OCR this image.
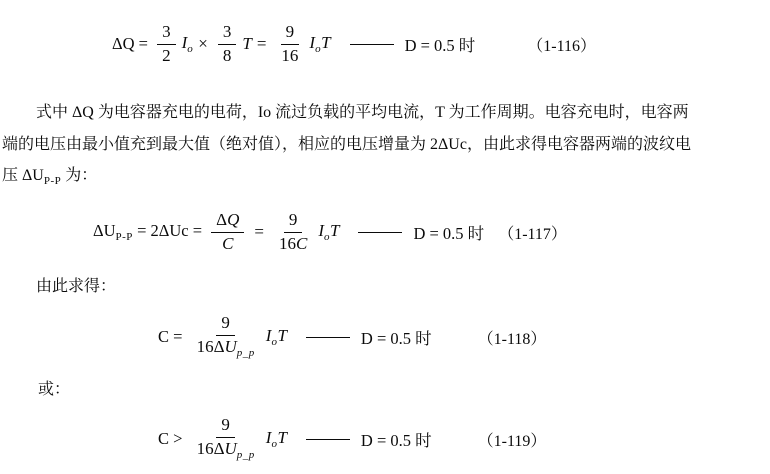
$\Delta Q = \frac{3}{2} I_o \times \frac{3}{8}$ $T = \frac{9}{16} I_oT$	D = 0.5 时	（1-116）
式中 ΔQ 为电容器充电的电荷，Io 流过负载的平均电流，T 为工作周期。电容充电时，电容两
端的电压由最小值充到最大值（绝对值），相应的电压增量为 2ΔUc，由此求得电容器两端的波纹电
压 $\Delta U_{P-P}$ 为：
$\Delta U_{P-P} = 2\Delta Uc = \frac{\Delta Q}{C} = \frac{9}{16C} I_oT$	D = 0.5 时 （1-117）
由此求得：
$C = \frac{9}{16\Delta U_{p\_p}} I_oT$	D = 0.5 时	（1-118）
或：
$C > \frac{9}{16\Delta U_{p\_p}} I_oT$	D = 0.5 时	（1-119）
